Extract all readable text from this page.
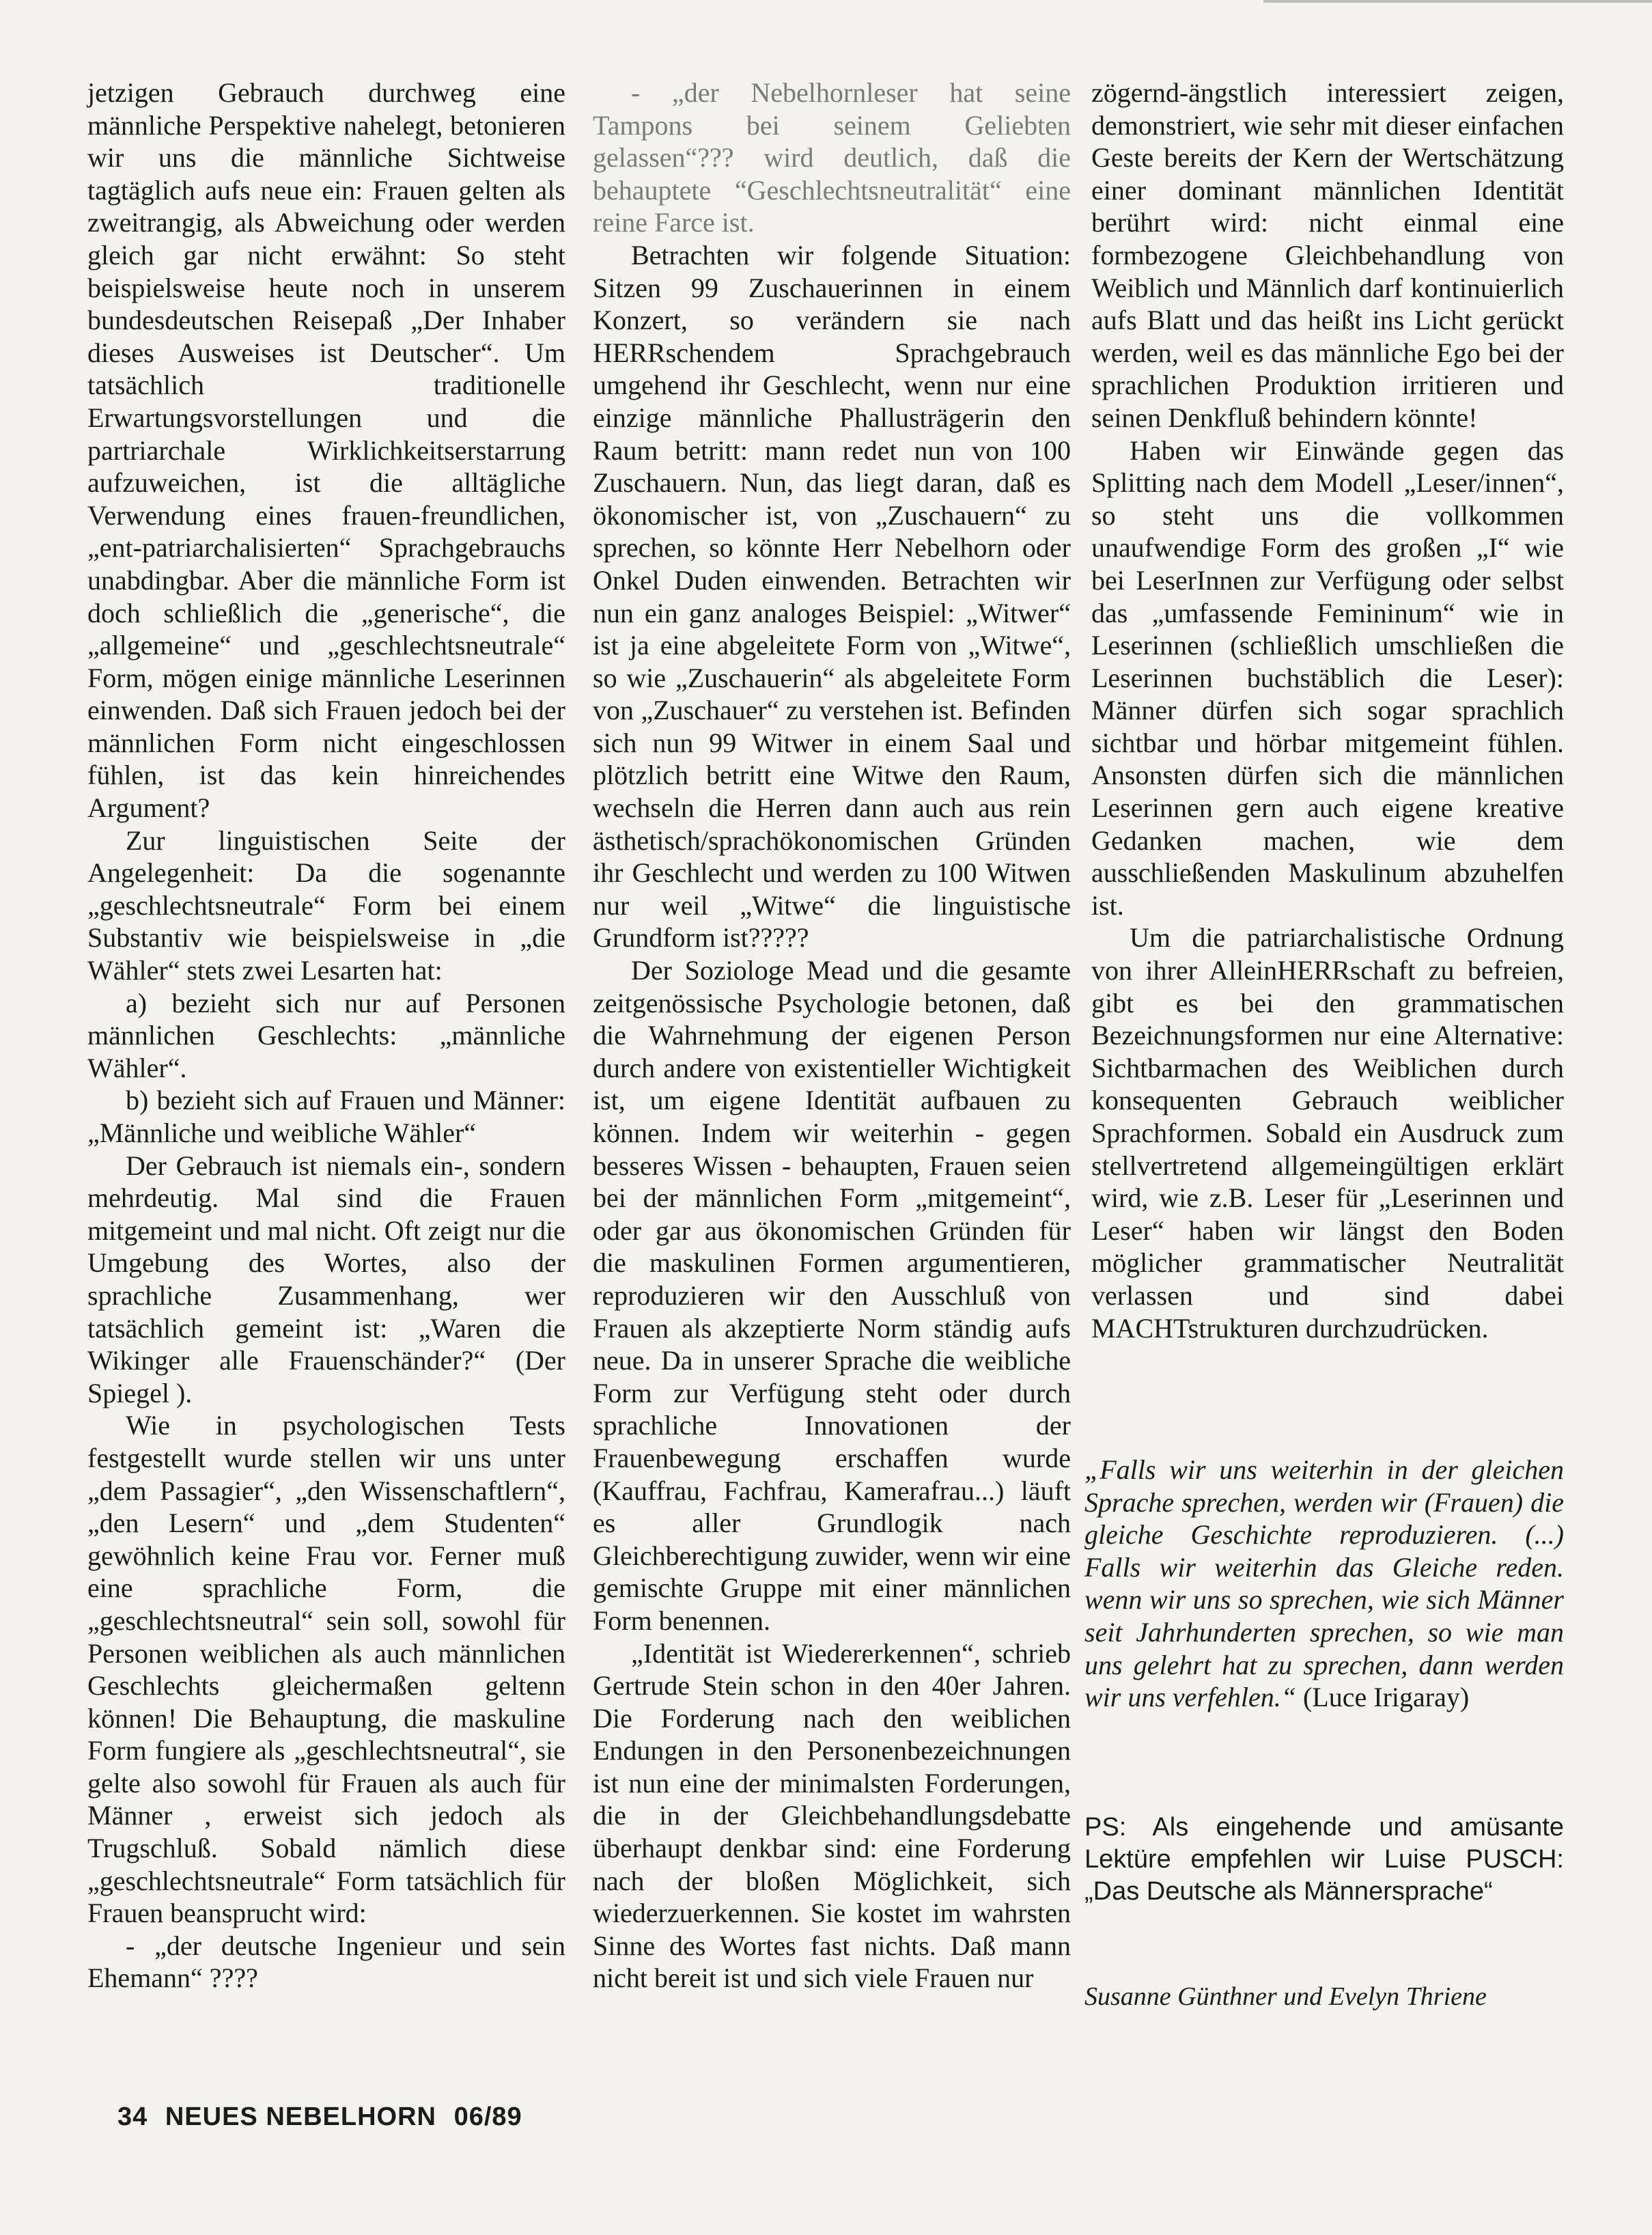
jetzigen Gebrauch durchweg eine männliche Perspektive nahelegt, betonieren wir uns die männliche Sichtweise tagtäglich aufs neue ein: Frauen gelten als zweitrangig, als Abweichung oder werden gleich gar nicht erwähnt: So steht beispielsweise heute noch in unserem bundesdeutschen Reisepaß „Der Inhaber dieses Ausweises ist Deutscher“. Um tatsächlich traditionelle Erwartungsvorstellungen und die partriarchale Wirklichkeitserstarrung aufzuweichen, ist die alltägliche Verwendung eines frauen-freundlichen, „ent-patriarchalisierten“ Sprachgebrauchs unabdingbar. Aber die männliche Form ist doch schließlich die „generische“, die „allgemeine“ und „geschlechtsneutrale“ Form, mögen einige männliche Leserinnen einwenden. Daß sich Frauen jedoch bei der männlichen Form nicht eingeschlossen fühlen, ist das kein hinreichendes Argument?

Zur linguistischen Seite der Angelegenheit: Da die sogenannte „geschlechtsneutrale“ Form bei einem Substantiv wie beispielsweise in „die Wähler“ stets zwei Lesarten hat:

a) bezieht sich nur auf Personen männlichen Geschlechts: „männliche Wähler“.

b) bezieht sich auf Frauen und Männer: „Männliche und weibliche Wähler“

Der Gebrauch ist niemals ein-, sondern mehrdeutig. Mal sind die Frauen mitgemeint und mal nicht. Oft zeigt nur die Umgebung des Wortes, also der sprachliche Zusammenhang, wer tatsächlich gemeint ist: „Waren die Wikinger alle Frauenschänder?“ (Der Spiegel ).

Wie in psychologischen Tests festgestellt wurde stellen wir uns unter „dem Passagier“, „den Wissenschaftlern“, „den Lesern“ und „dem Studenten“ gewöhnlich keine Frau vor. Ferner muß eine sprachliche Form, die „geschlechtsneutral“ sein soll, sowohl für Personen weiblichen als auch männlichen Geschlechts gleichermaßen geltenn können! Die Behauptung, die maskuline Form fungiere als „geschlechtsneutral“, sie gelte also sowohl für Frauen als auch für Männer , erweist sich jedoch als Trugschluß. Sobald nämlich diese „geschlechtsneutrale“ Form tatsächlich für Frauen beansprucht wird:

- „der deutsche Ingenieur und sein Ehemann“ ????

- „der Nebelhornleser hat seine Tampons bei seinem Geliebten gelassen“??? wird deutlich, daß die behauptete “Geschlechtsneutralität“ eine reine Farce ist.

Betrachten wir folgende Situation: Sitzen 99 Zuschauerinnen in einem Konzert, so verändern sie nach HERRschendem Sprachgebrauch umgehend ihr Geschlecht, wenn nur eine einzige männliche Phallusträgerin den Raum betritt: mann redet nun von 100 Zuschauern. Nun, das liegt daran, daß es ökonomischer ist, von „Zuschauern“ zu sprechen, so könnte Herr Nebelhorn oder Onkel Duden einwenden. Betrachten wir nun ein ganz analoges Beispiel: „Witwer“ ist ja eine abgeleitete Form von „Witwe“, so wie „Zuschauerin“ als abgeleitete Form von „Zuschauer“ zu verstehen ist. Befinden sich nun 99 Witwer in einem Saal und plötzlich betritt eine Witwe den Raum, wechseln die Herren dann auch aus rein ästhetisch/sprachökonomischen Gründen ihr Geschlecht und werden zu 100 Witwen nur weil „Witwe“ die linguistische Grundform ist?????

Der Soziologe Mead und die gesamte zeitgenössische Psychologie betonen, daß die Wahrnehmung der eigenen Person durch andere von existentieller Wichtigkeit ist, um eigene Identität aufbauen zu können. Indem wir weiterhin - gegen besseres Wissen - behaupten, Frauen seien bei der männlichen Form „mitgemeint“, oder gar aus ökonomischen Gründen für die maskulinen Formen argumentieren, reproduzieren wir den Ausschluß von Frauen als akzeptierte Norm ständig aufs neue. Da in unserer Sprache die weibliche Form zur Verfügung steht oder durch sprachliche Innovationen der Frauenbewegung erschaffen wurde (Kauffrau, Fachfrau, Kamerafrau...) läuft es aller Grundlogik nach Gleichberechtigung zuwider, wenn wir eine gemischte Gruppe mit einer männlichen Form benennen.

„Identität ist Wiedererkennen“, schrieb Gertrude Stein schon in den 40er Jahren. Die Forderung nach den weiblichen Endungen in den Personenbezeichnungen ist nun eine der minimalsten Forderungen, die in der Gleichbehandlungsdebatte überhaupt denkbar sind: eine Forderung nach der bloßen Möglichkeit, sich wiederzuerkennen. Sie kostet im wahrsten Sinne des Wortes fast nichts. Daß mann nicht bereit ist und sich viele Frauen nur

zögernd-ängstlich interessiert zeigen, demonstriert, wie sehr mit dieser einfachen Geste bereits der Kern der Wertschätzung einer dominant männlichen Identität berührt wird: nicht einmal eine formbezogene Gleichbehandlung von Weiblich und Männlich darf kontinuierlich aufs Blatt und das heißt ins Licht gerückt werden, weil es das männliche Ego bei der sprachlichen Produktion irritieren und seinen Denkfluß behindern könnte!

Haben wir Einwände gegen das Splitting nach dem Modell „Leser/innen“, so steht uns die vollkommen unaufwendige Form des großen „I“ wie bei LeserInnen zur Verfügung oder selbst das „umfassende Femininum“ wie in Leserinnen (schließlich umschließen die Leserinnen buchstäblich die Leser): Männer dürfen sich sogar sprachlich sichtbar und hörbar mitgemeint fühlen. Ansonsten dürfen sich die männlichen Leserinnen gern auch eigene kreative Gedanken machen, wie dem ausschließenden Maskulinum abzuhelfen ist.

Um die patriarchalistische Ordnung von ihrer AlleinHERRschaft zu befreien, gibt es bei den grammatischen Bezeichnungsformen nur eine Alternative: Sichtbarmachen des Weiblichen durch konsequenten Gebrauch weiblicher Sprachformen. Sobald ein Ausdruck zum stellvertretend allgemeingültigen erklärt wird, wie z.B. Leser für „Leserinnen und Leser“ haben wir längst den Boden möglicher grammatischer Neutralität verlassen und sind dabei MACHTstrukturen durchzudrücken.

„Falls wir uns weiterhin in der gleichen Sprache sprechen, werden wir (Frauen) die gleiche Geschichte reproduzieren. (...) Falls wir weiterhin das Gleiche reden. wenn wir uns so sprechen, wie sich Männer seit Jahrhunderten sprechen, so wie man uns gelehrt hat zu sprechen, dann werden wir uns verfehlen.“ (Luce Irigaray)

PS: Als eingehende und amüsante Lektüre empfehlen wir Luise PUSCH: „Das Deutsche als Männersprache“

Susanne Günthner und Evelyn Thriene
34 NEUES NEBELHORN 06/89
